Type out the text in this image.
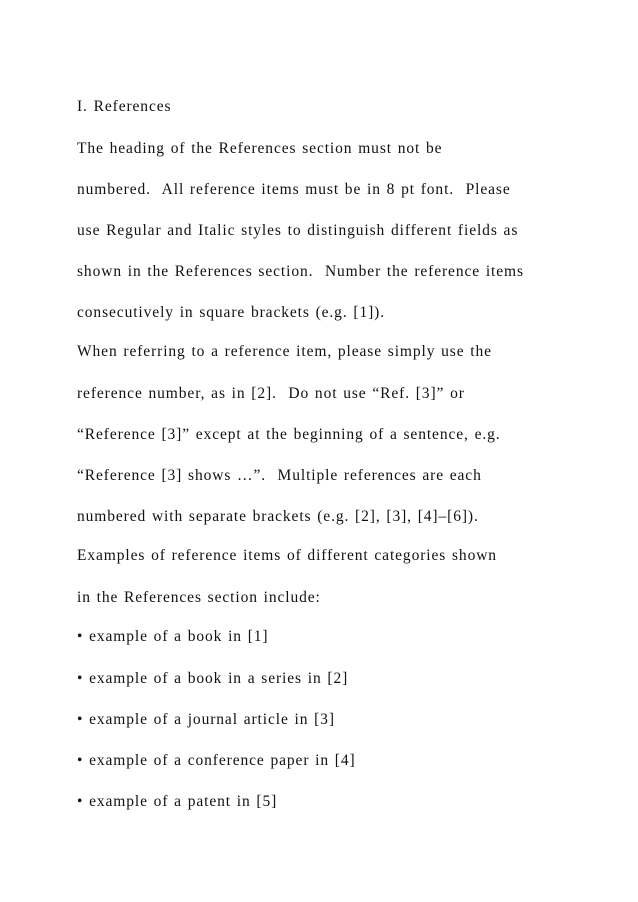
I. References
The heading of the References section must not be
numbered.  All reference items must be in 8 pt font.  Please
use Regular and Italic styles to distinguish different fields as
shown in the References section.  Number the reference items
consecutively in square brackets (e.g. [1]).
When referring to a reference item, please simply use the
reference number, as in [2].  Do not use “Ref. [3]” or
“Reference [3]” except at the beginning of a sentence, e.g.
“Reference [3] shows …”.  Multiple references are each
numbered with separate brackets (e.g. [2], [3], [4]–[6]).
Examples of reference items of different categories shown
in the References section include:
• example of a book in [1]
• example of a book in a series in [2]
• example of a journal article in [3]
• example of a conference paper in [4]
• example of a patent in [5]
